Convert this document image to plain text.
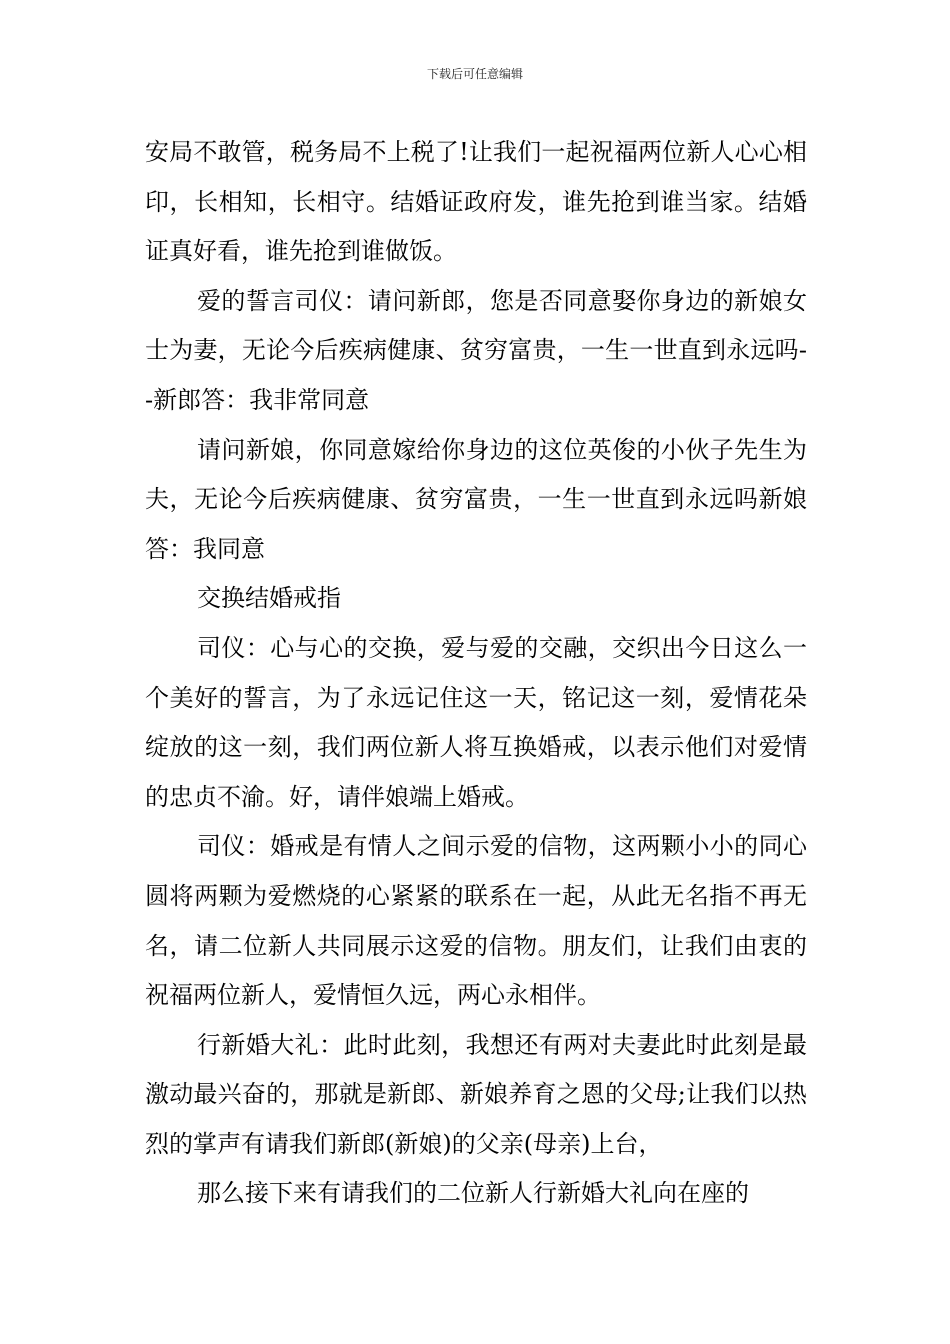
下载后可任意编辑

安局不敢管，税务局不上税了!让我们一起祝福两位新人心心相印，长相知，长相守。结婚证政府发，谁先抢到谁当家。结婚证真好看，谁先抢到谁做饭。

爱的誓言司仪：请问新郎，您是否同意娶你身边的新娘女士为妻，无论今后疾病健康、贫穷富贵，一生一世直到永远吗--新郎答：我非常同意

请问新娘，你同意嫁给你身边的这位英俊的小伙子先生为夫，无论今后疾病健康、贫穷富贵，一生一世直到永远吗新娘答：我同意

交换结婚戒指

司仪：心与心的交换，爱与爱的交融，交织出今日这么一个美好的誓言，为了永远记住这一天，铭记这一刻，爱情花朵绽放的这一刻，我们两位新人将互换婚戒，以表示他们对爱情的忠贞不渝。好，请伴娘端上婚戒。

司仪：婚戒是有情人之间示爱的信物，这两颗小小的同心圆将两颗为爱燃烧的心紧紧的联系在一起，从此无名指不再无名，请二位新人共同展示这爱的信物。朋友们，让我们由衷的祝福两位新人，爱情恒久远，两心永相伴。

行新婚大礼：此时此刻，我想还有两对夫妻此时此刻是最激动最兴奋的，那就是新郎、新娘养育之恩的父母;让我们以热烈的掌声有请我们新郎(新娘)的父亲(母亲)上台，

那么接下来有请我们的二位新人行新婚大礼向在座的
